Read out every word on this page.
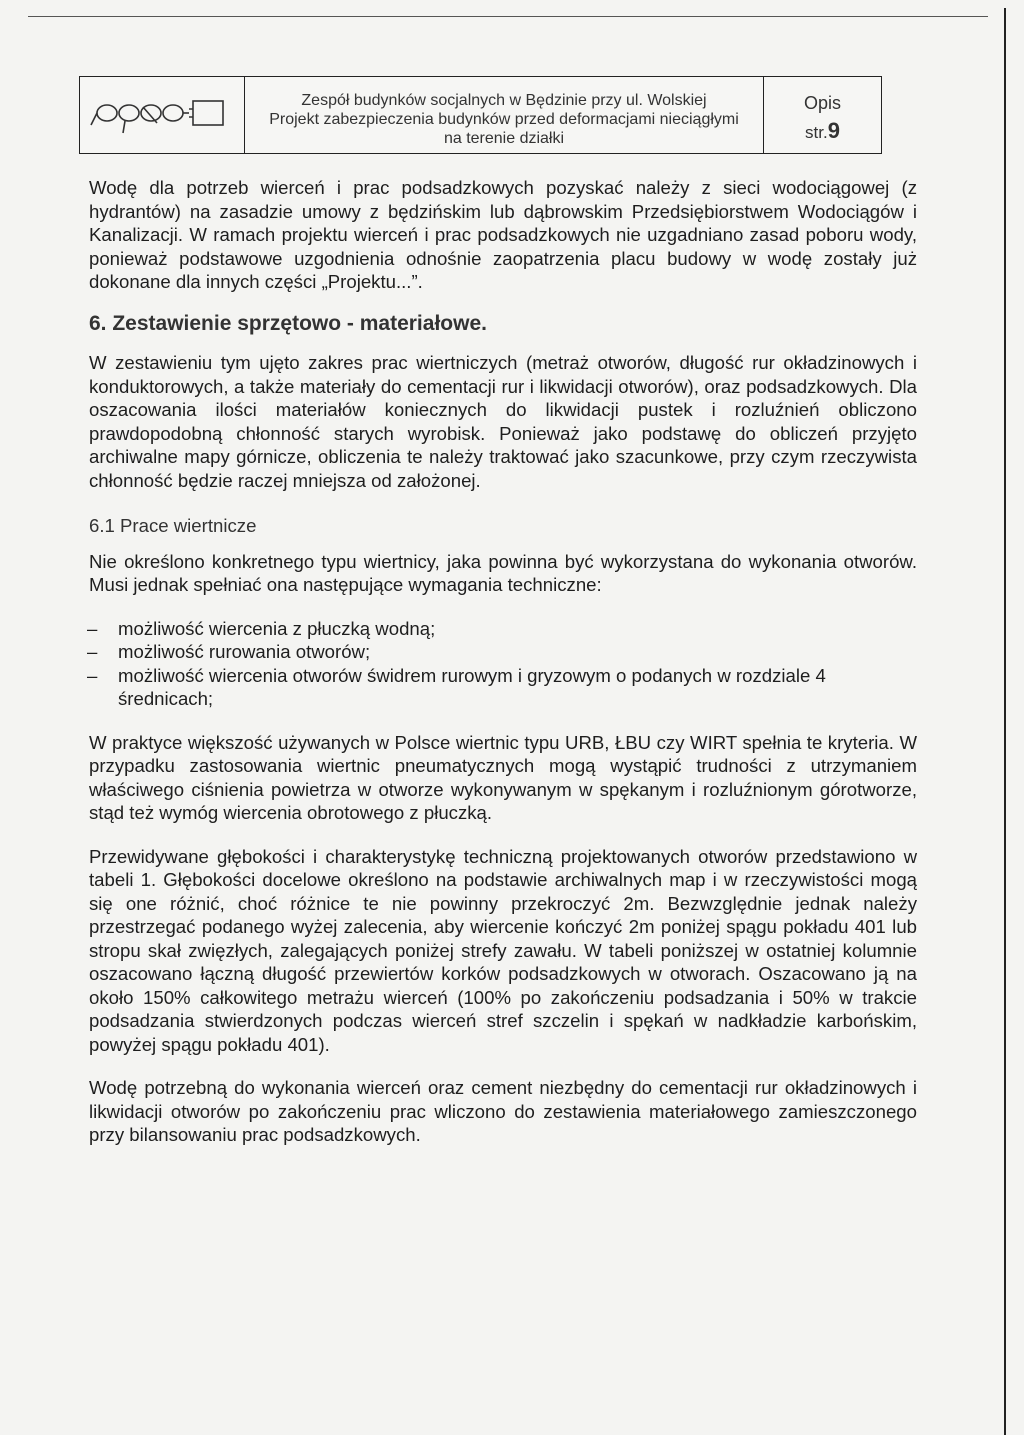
Zespół budynków socjalnych w Będzinie przy ul. Wolskiej
Projekt zabezpieczenia budynków przed deformacjami nieciągłymi
na terenie działki
Opis
str.9

Wodę dla potrzeb wierceń i prac podsadzkowych pozyskać należy z sieci wodociągowej (z hydrantów) na zasadzie umowy z będzińskim lub dąbrowskim Przedsiębiorstwem Wodociągów i Kanalizacji. W ramach projektu wierceń i prac podsadzkowych nie uzgadniano zasad poboru wody, ponieważ podstawowe uzgodnienia odnośnie zaopatrzenia placu budowy w wodę zostały już dokonane dla innych części „Projektu...”.

6. Zestawienie sprzętowo - materiałowe.

W zestawieniu tym ujęto zakres prac wiertniczych (metraż otworów, długość rur okładzinowych i konduktorowych, a także materiały do cementacji rur i likwidacji otworów), oraz podsadzkowych. Dla oszacowania ilości materiałów koniecznych do likwidacji pustek i rozluźnień obliczono prawdopodobną chłonność starych wyrobisk. Ponieważ jako podstawę do obliczeń przyjęto archiwalne mapy górnicze, obliczenia te należy traktować jako szacunkowe, przy czym rzeczywista chłonność będzie raczej mniejsza od założonej.

6.1 Prace wiertnicze

Nie określono konkretnego typu wiertnicy, jaka powinna być wykorzystana do wykonania otworów. Musi jednak spełniać ona następujące wymagania techniczne:

– możliwość wiercenia z płuczką wodną;
– możliwość rurowania otworów;
– możliwość wiercenia otworów świdrem rurowym i gryzowym o podanych w rozdziale 4 średnicach;

W praktyce większość używanych w Polsce wiertnic typu URB, ŁBU czy WIRT spełnia te kryteria. W przypadku zastosowania wiertnic pneumatycznych mogą wystąpić trudności z utrzymaniem właściwego ciśnienia powietrza w otworze wykonywanym w spękanym i rozluźnionym górotworze, stąd też wymóg wiercenia obrotowego z płuczką.

Przewidywane głębokości i charakterystykę techniczną projektowanych otworów przedstawiono w tabeli 1. Głębokości docelowe określono na podstawie archiwalnych map i w rzeczywistości mogą się one różnić, choć różnice te nie powinny przekroczyć 2m. Bezwzględnie jednak należy przestrzegać podanego wyżej zalecenia, aby wiercenie kończyć 2m poniżej spągu pokładu 401 lub stropu skał zwięzłych, zalegających poniżej strefy zawału. W tabeli poniższej w ostatniej kolumnie oszacowano łączną długość przewiertów korków podsadzkowych w otworach. Oszacowano ją na około 150% całkowitego metrażu wierceń (100% po zakończeniu podsadzania i 50% w trakcie podsadzania stwierdzonych podczas wierceń stref szczelin i spękań w nadkładzie karbońskim, powyżej spągu pokładu 401).

Wodę potrzebną do wykonania wierceń oraz cement niezbędny do cementacji rur okładzinowych i likwidacji otworów po zakończeniu prac wliczono do zestawienia materiałowego zamieszczonego przy bilansowaniu prac podsadzkowych.
